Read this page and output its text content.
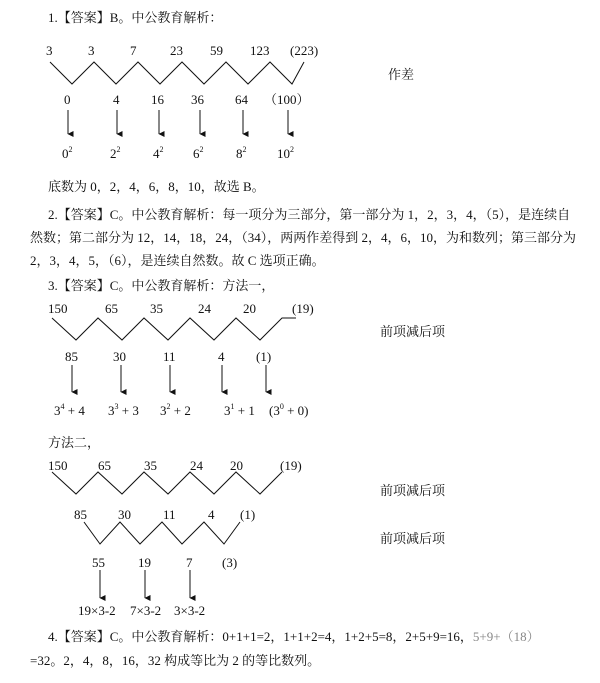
1.【答案】B。中公教育解析：
3	3	7	23 59 123 (223)
作差
0	4 16 36 64 （100）
$0^2$	$2^2$	$4^2$ $6^2$	$8^2$ $10^2$
底数为 0，2，4，6，8，10，故选 B。
2.【答案】C。中公教育解析：每一项分为三部分，第一部分为 1，2，3，4，（5），是连续自
然数；第二部分为 12，14，18，24，（34），两两作差得到 2，4，6，10，为和数列；第三部分为
2，3，4，5，（6），是连续自然数。故 C 选项正确。
3.【答案】C。中公教育解析：方法一，
150	65 35	24 20	(19)
前项减后项
85	30	11	4 (1)
$3^4 + 4$ $3^3 + 3$ $3^2 + 2$	$3^1 + 1$ $(3^0 + 0)$
方法二，
150 65	35	24 20	(19)
前项减后项
85 30 11 4 (1)
前项减后项
55	19	7 (3)
19×3-2 7×3-2 3×3-2
4.【答案】C。中公教育解析：0+1+1=2，1+1+2=4，1+2+5=8，2+5+9=16，5+9+（18）
=32。2，4，8，16，32 构成等比为 2 的等比数列。
